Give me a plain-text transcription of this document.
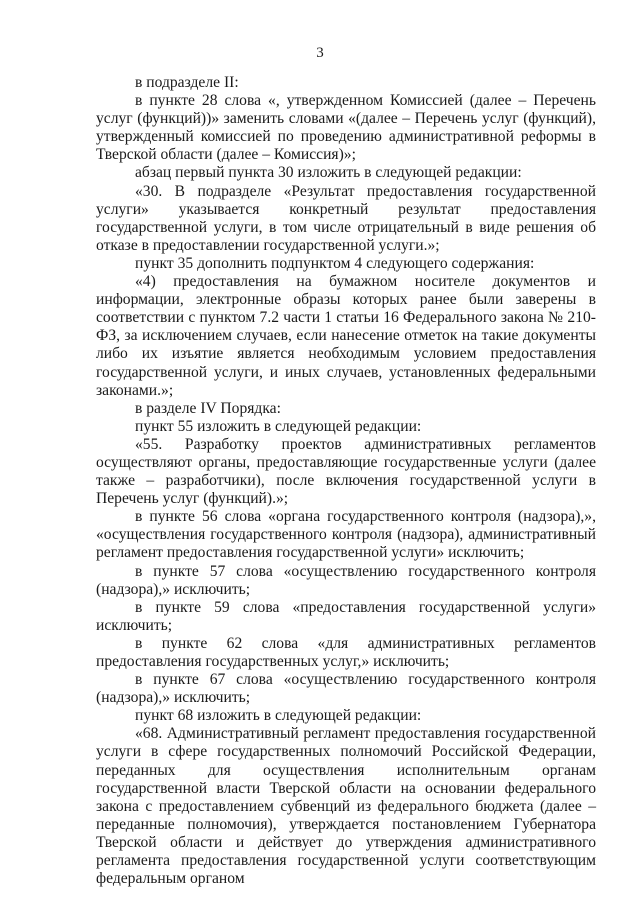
3

в подразделе II:

в пункте 28 слова «, утвержденном Комиссией (далее – Перечень услуг (функций))» заменить словами «(далее – Перечень услуг (функций), утвержденный комиссией по проведению административной реформы в Тверской области (далее – Комиссия)»;

абзац первый пункта 30 изложить в следующей редакции:

«30. В подразделе «Результат предоставления государственной услуги» указывается конкретный результат предоставления государственной услуги, в том числе отрицательный в виде решения об отказе в предоставлении государственной услуги.»;

пункт 35 дополнить подпунктом 4 следующего содержания:

«4) предоставления на бумажном носителе документов и информации, электронные образы которых ранее были заверены в соответствии с пунктом 7.2 части 1 статьи 16 Федерального закона № 210-ФЗ, за исключением случаев, если нанесение отметок на такие документы либо их изъятие является необходимым условием предоставления государственной услуги, и иных случаев, установленных федеральными законами.»;

в разделе IV Порядка:

пункт 55 изложить в следующей редакции:

«55. Разработку проектов административных регламентов осуществляют органы, предоставляющие государственные услуги (далее также – разработчики), после включения государственной услуги в Перечень услуг (функций).»;

в пункте 56 слова «органа государственного контроля (надзора),», «осуществления государственного контроля (надзора), административный регламент предоставления государственной услуги» исключить;

в пункте 57 слова «осуществлению государственного контроля (надзора),» исключить;

в пункте 59 слова «предоставления государственной услуги» исключить;

в пункте 62 слова «для административных регламентов предоставления государственных услуг,» исключить;

в пункте 67 слова «осуществлению государственного контроля (надзора),» исключить;

пункт 68 изложить в следующей редакции:

«68. Административный регламент предоставления государственной услуги в сфере государственных полномочий Российской Федерации, переданных для осуществления исполнительным органам государственной власти Тверской области на основании федерального закона с предоставлением субвенций из федерального бюджета (далее – переданные полномочия), утверждается постановлением Губернатора Тверской области и действует до утверждения административного регламента предоставления государственной услуги соответствующим федеральным органом
